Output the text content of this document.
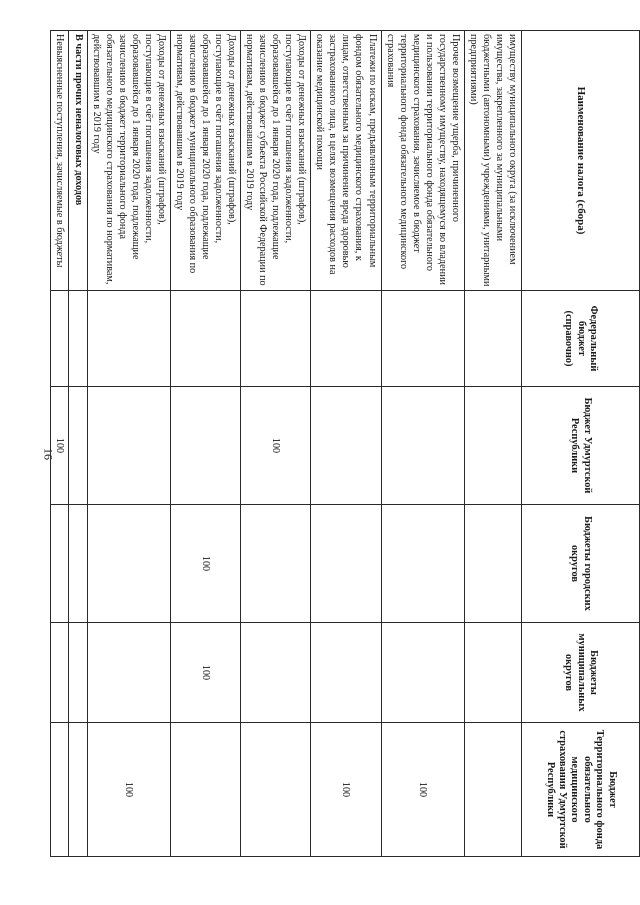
16
Наименование налога (сбора)	Федеральный бюджет (справочно)	Бюджет Удмуртской Республики	Бюджеты городских округов	Бюджеты муниципальных округов	Бюджет Территориального фонда обязательного медицинского страхования Удмуртской Республики
имуществу муниципального округа (за исключением имущества, закрепленного за муниципальными бюджетными (автономными) учреждениями, унитарными предприятиями)					
Прочее возмещение ущерба, причиненного государственному имуществу, находящемуся во владении и пользовании территориального фонда обязательного медицинского страхования, зачисляемое в бюджет территориального фонда обязательного медицинского страхования					100
Платежи по искам, предъявленным территориальным фондом обязательного медицинского страхования, к лицам, ответственным за причинение вреда здоровью застрахованного лица, в целях возмещения расходов на оказание медицинской помощи					100
Доходы от денежных взысканий (штрафов), поступающие в счёт погашения задолженности, образовавшейся до 1 января 2020 года, подлежащие зачислению в бюджет субъекта Российской Федерации по нормативам, действовавшим в 2019 году		100			
Доходы от денежных взысканий (штрафов), поступающие в счёт погашения задолженности, образовавшейся до 1 января 2020 года, подлежащие зачислению в бюджет муниципального образования по нормативам, действовавшим в 2019 году			100	100	
Доходы от денежных взысканий (штрафов), поступающие в счёт погашения задолженности, образовавшейся до 1 января 2020 года, подлежащие зачислению в бюджет территориального фонда обязательного медицинского страхования по нормативам, действовавшим в 2019 году					100
В части прочих неналоговых доходов					
Невыясненные поступления, зачисляемые в бюджеты		100			
